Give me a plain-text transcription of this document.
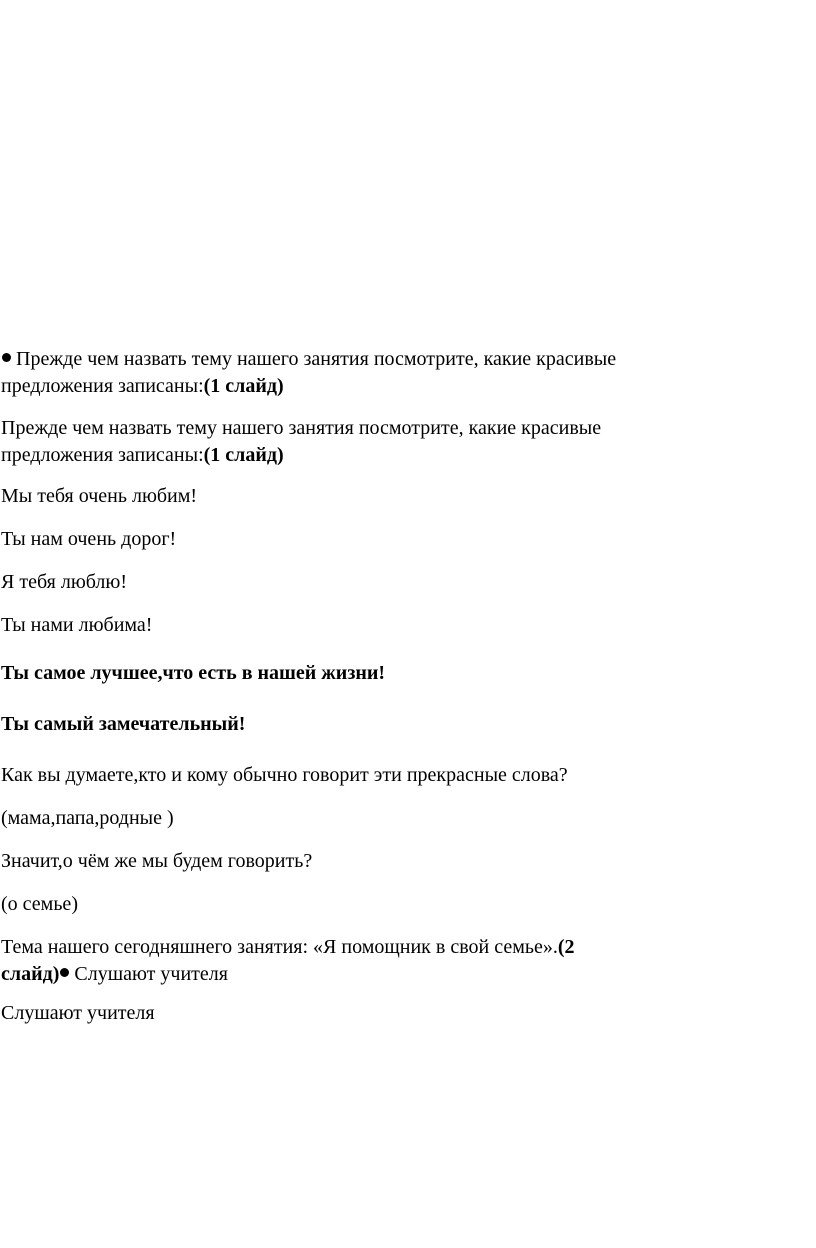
Прежде чем назвать тему нашего занятия посмотрите, какие красивые
предложения записаны:(1 слайд)
Прежде чем назвать тему нашего занятия посмотрите, какие красивые
предложения записаны:(1 слайд)
Мы тебя очень любим!
Ты нам очень дорог!
Я тебя люблю!
Ты нами любима!
Ты самое лучшее,что есть в нашей жизни!
Ты самый замечательный!
Как вы думаете,кто и кому обычно говорит эти прекрасные слова?
(мама,папа,родные )
Значит,о чём же мы будем говорить?
(о семье)
Тема нашего сегодняшнего занятия: «Я помощник в свой семье».(2
слайд) Слушают учителя
Слушают учителя
